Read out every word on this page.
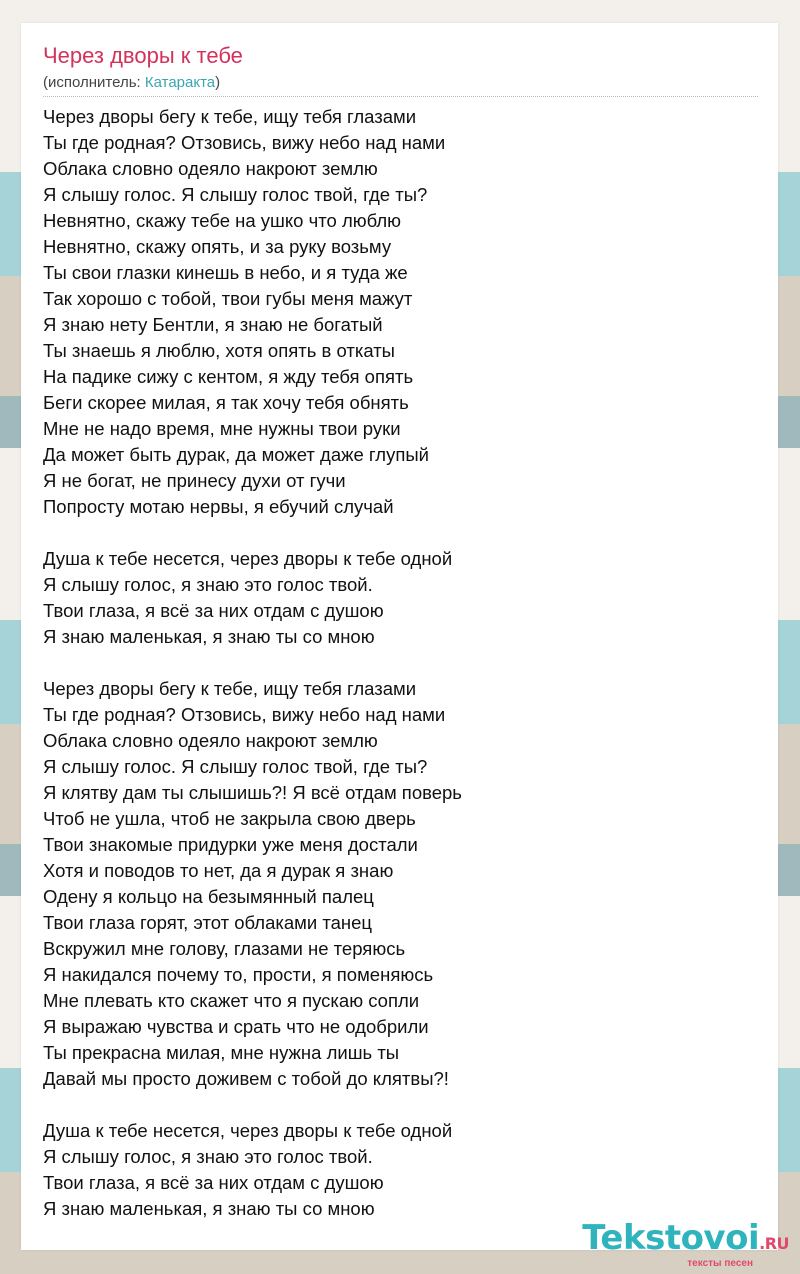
Через дворы к тебе
(исполнитель: Катаракта)
Через дворы бегу к тебе, ищу тебя глазами
Ты где родная? Отзовись, вижу небо над нами
Облака словно одеяло накроют землю
Я слышу голос. Я слышу голос твой, где ты?
Невнятно, скажу тебе на ушко что люблю
Невнятно, скажу опять, и за руку возьму
Ты свои глазки кинешь в небо, и я туда же
Так хорошо с тобой, твои губы меня мажут
Я знаю нету Бентли, я знаю не богатый
Ты знаешь я люблю, хотя опять в откаты
На падике сижу с кентом, я жду тебя опять
Беги скорее милая, я так хочу тебя обнять
Мне не надо время, мне нужны твои руки
Да может быть дурак, да может даже глупый
Я не богат, не принесу духи от гучи
Попросту мотаю нервы, я ебучий случай
Душа к тебе несется, через дворы к тебе одной
Я слышу голос, я знаю это голос твой.
Твои глаза, я всё за них отдам с душою
Я знаю маленькая, я знаю ты со мною
Через дворы бегу к тебе, ищу тебя глазами
Ты где родная? Отзовись, вижу небо над нами
Облака словно одеяло накроют землю
Я слышу голос. Я слышу голос твой, где ты?
Я клятву дам ты слышишь?! Я всё отдам поверь
Чтоб не ушла, чтоб не закрыла свою дверь
Твои знакомые придурки уже меня достали
Хотя и поводов то нет, да я дурак я знаю
Одену я кольцо на безымянный палец
Твои глаза горят, этот облаками танец
Вскружил мне голову, глазами не теряюсь
Я накидался почему то, прости, я поменяюсь
Мне плевать кто скажет что я пускаю сопли
Я выражаю чувства и срать что не одобрили
Ты прекрасна милая, мне нужна лишь ты
Давай мы просто доживем с тобой до клятвы?!
Душа к тебе несется, через дворы к тебе одной
Я слышу голос, я знаю это голос твой.
Твои глаза, я всё за них отдам с душою
Я знаю маленькая, я знаю ты со мною
Tekstovoi.RU
тексты песен
